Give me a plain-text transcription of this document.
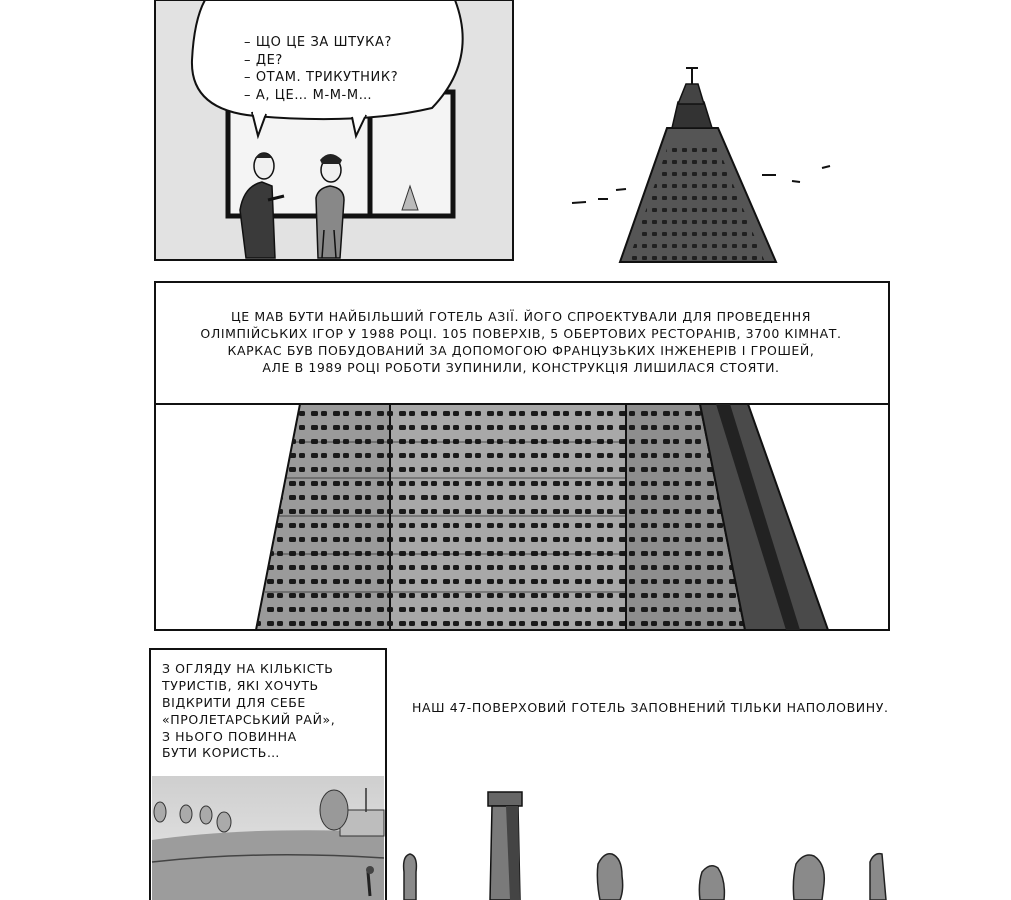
– ЩО ЦЕ ЗА ШТУКА?
– ДЕ?
– ОТАМ. ТРИКУТНИК?
– А, ЦЕ… М-М-М…
ЦЕ МАВ БУТИ НАЙБІЛЬШИЙ ГОТЕЛЬ АЗІЇ. ЙОГО СПРОЕКТУВАЛИ ДЛЯ ПРОВЕДЕННЯ
ОЛІМПІЙСЬКИХ ІГОР У 1988 РОЦІ. 105 ПОВЕРХІВ, 5 ОБЕРТОВИХ РЕСТОРАНІВ, 3700 КІМНАТ.
КАРКАС БУВ ПОБУДОВАНИЙ ЗА ДОПОМОГОЮ ФРАНЦУЗЬКИХ ІНЖЕНЕРІВ І ГРОШЕЙ,
АЛЕ В 1989 РОЦІ РОБОТИ ЗУПИНИЛИ, КОНСТРУКЦІЯ ЛИШИЛАСЯ СТОЯТИ.
З ОГЛЯДУ НА КІЛЬКІСТЬ
ТУРИСТІВ, ЯКІ ХОЧУТЬ
ВІДКРИТИ ДЛЯ СЕБЕ
«ПРОЛЕТАРСЬКИЙ РАЙ»,
З НЬОГО ПОВИННА
БУТИ КОРИСТЬ…
НАШ 47-ПОВЕРХОВИЙ ГОТЕЛЬ ЗАПОВНЕНИЙ ТІЛЬКИ НАПОЛОВИНУ.
